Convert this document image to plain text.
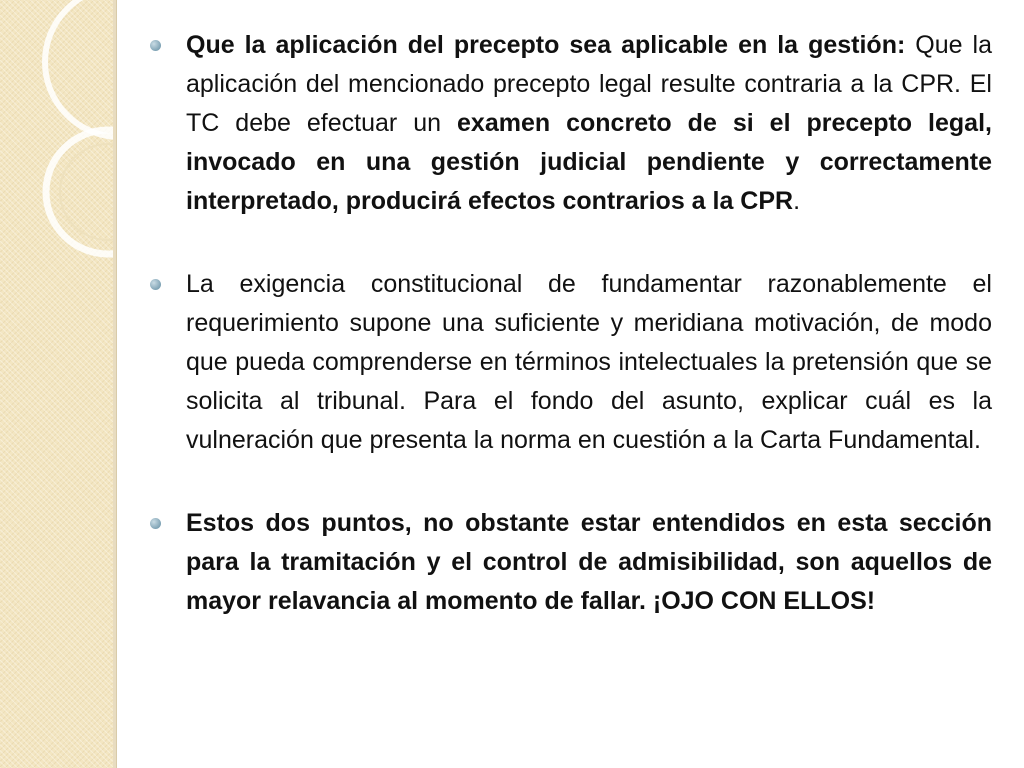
Que la aplicación del precepto sea aplicable en la gestión: Que la aplicación del mencionado precepto legal resulte contraria a la CPR. El TC debe efectuar un examen concreto de si el precepto legal, invocado en una gestión judicial pendiente y correctamente interpretado, producirá efectos contrarios a la CPR.
La exigencia constitucional de fundamentar razonablemente el requerimiento supone una suficiente y meridiana motivación, de modo que pueda comprenderse en términos intelectuales la pretensión que se solicita al tribunal. Para el fondo del asunto, explicar cuál es la vulneración que presenta la norma en cuestión a la Carta Fundamental.
Estos dos puntos, no obstante estar entendidos en esta sección para la tramitación y el control de admisibilidad, son aquellos de mayor relavancia al momento de fallar. ¡OJO CON ELLOS!
